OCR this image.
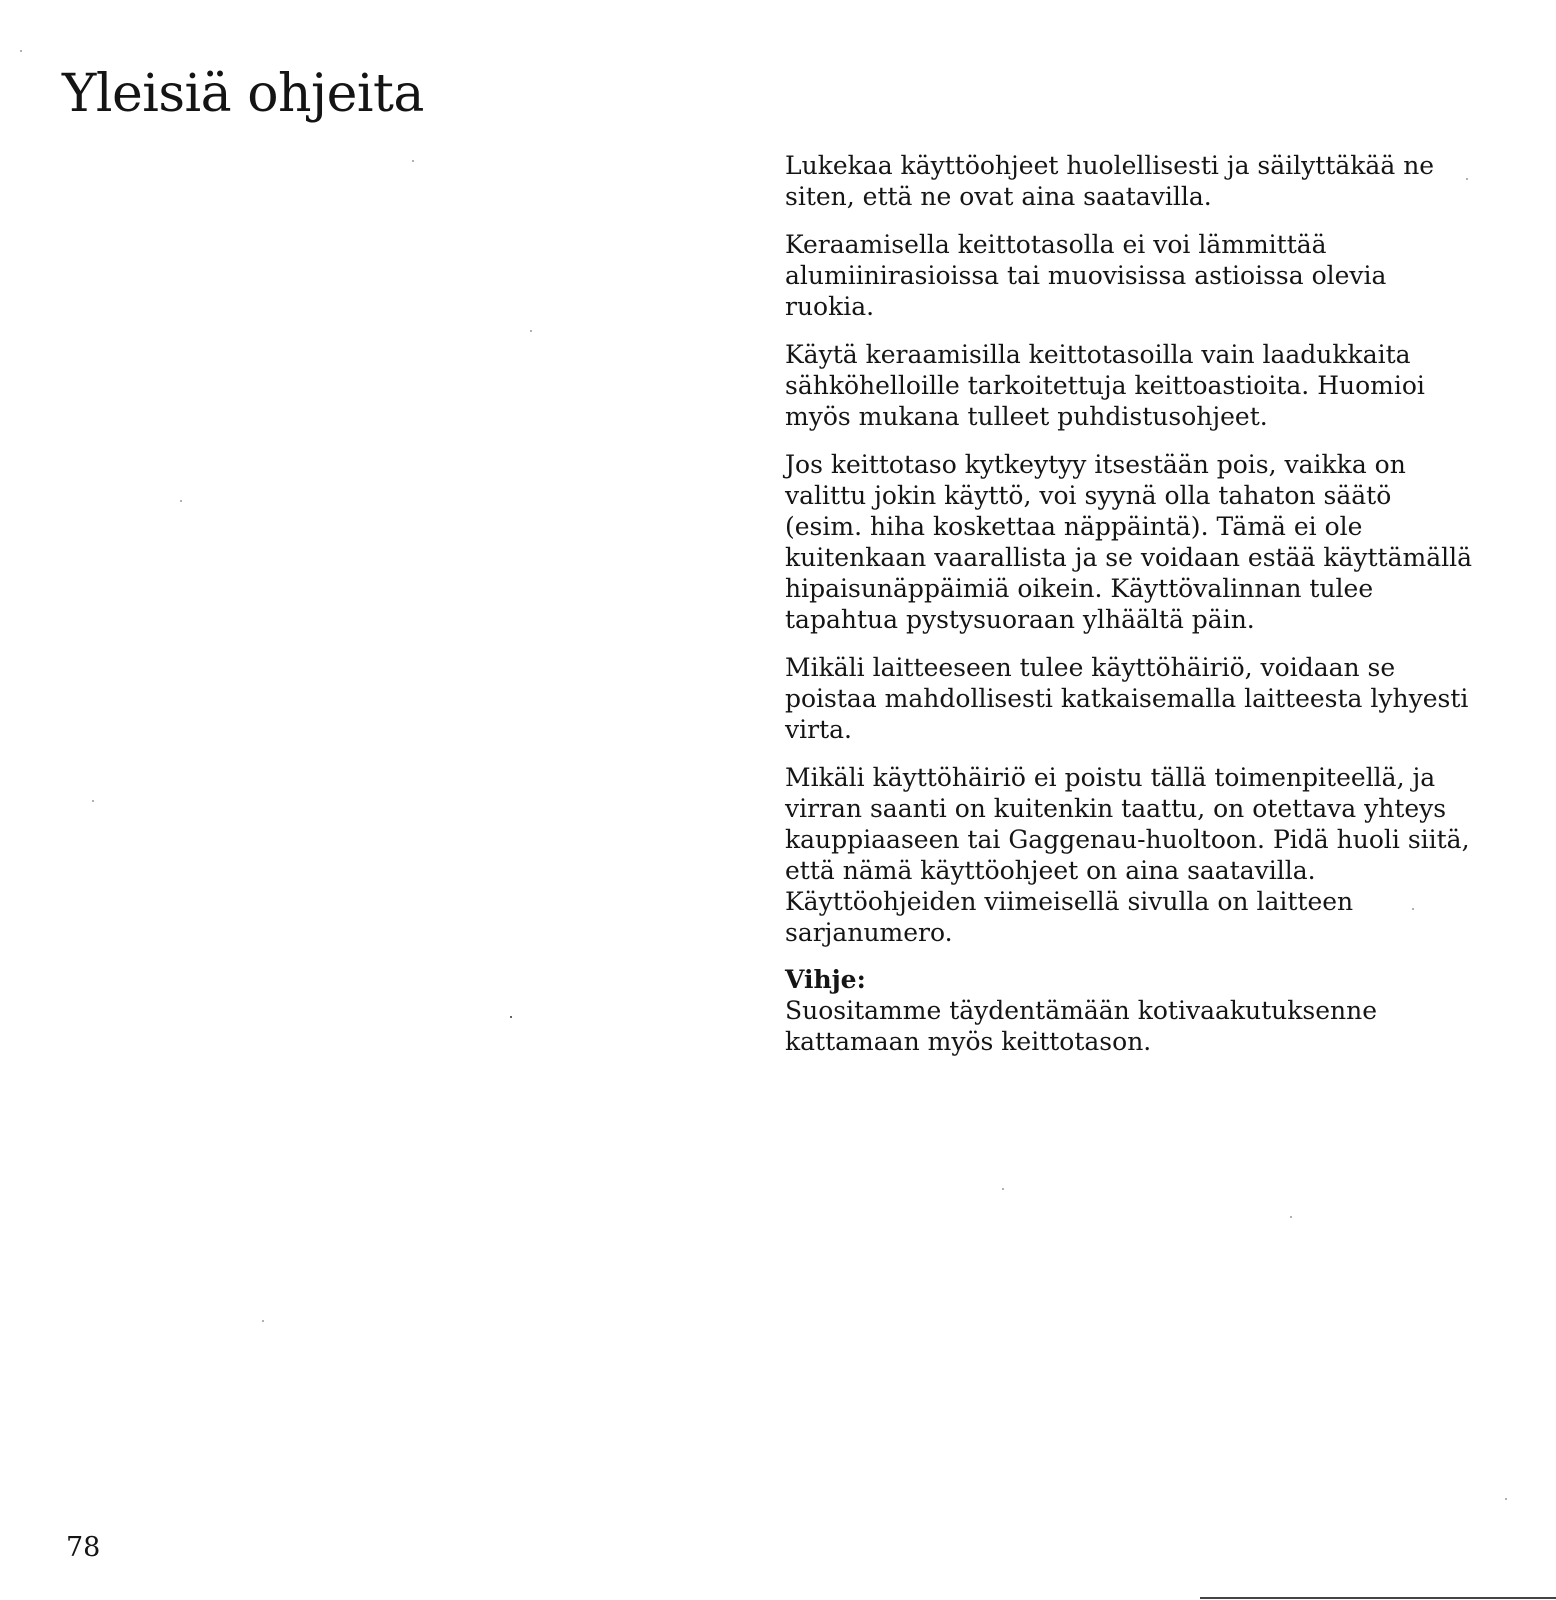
Yleisiä ohjeita

Lukekaa käyttöohjeet huolellisesti ja säilyttäkää ne siten, että ne ovat aina saatavilla.

Keraamisella keittotasolla ei voi lämmittää alumiinirasioissa tai muovisissa astioissa olevia ruokia.

Käytä keraamisilla keittotasoilla vain laadukkaita sähköhelloille tarkoitettuja keittoastioita. Huomioi myös mukana tulleet puhdistusohjeet.

Jos keittotaso kytkeytyy itsestään pois, vaikka on valittu jokin käyttö, voi syynä olla tahaton säätö (esim. hiha koskettaa näppäintä). Tämä ei ole kuitenkaan vaarallista ja se voidaan estää käyttämällä hipaisunäppäimiä oikein. Käyttövalinnan tulee tapahtua pystysuoraan ylhäältä päin.

Mikäli laitteeseen tulee käyttöhäiriö, voidaan se poistaa mahdollisesti katkaisemalla laitteesta lyhyesti virta.

Mikäli käyttöhäiriö ei poistu tällä toimenpiteellä, ja virran saanti on kuitenkin taattu, on otettava yhteys kauppiaaseen tai Gaggenau-huoltoon. Pidä huoli siitä, että nämä käyttöohjeet on aina saatavilla. Käyttöohjeiden viimeisellä sivulla on laitteen sarjanumero.

Vihje:
Suositamme täydentämään kotivaakutuksenne kattamaan myös keittotason.
78
